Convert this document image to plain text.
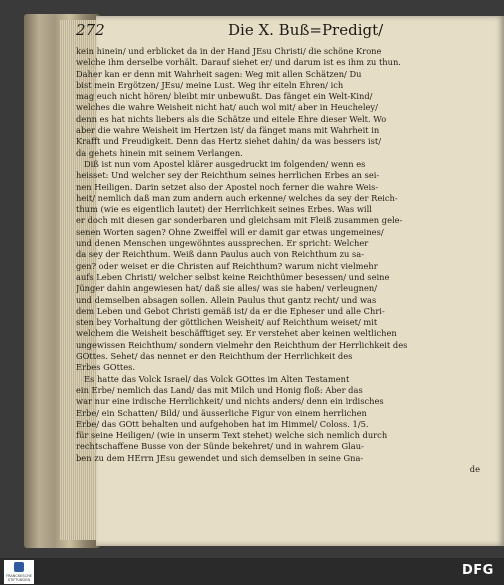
272	Die X. Buß=Predigt/
kein hinein/ und erblicket da in der Hand JEsu Christi/ die schöne Krone
welche ihm derselbe vorhält. Darauf siehet er/ und darum ist es ihm zu thun.
Daher kan er denn mit Wahrheit sagen: Weg mit allen Schätzen/ Du
bist mein Ergötzen/ JEsu/ meine Lust. Weg ihr eiteln Ehren/ ich
mag euch nicht hören/ bleibt mir unbewußt. Das fänget ein Welt-Kind/
welches die wahre Weisheit nicht hat/ auch wol mit/ aber in Heucheley/
denn es hat nichts liebers als die Schätze und eitele Ehre dieser Welt. Wo
aber die wahre Weisheit im Hertzen ist/ da fänget mans mit Wahrheit in
Krafft und Freudigkeit. Denn das Hertz siehet dahin/ da was bessers ist/
da gehets hinein mit seinem Verlangen.
Diß ist nun vom Apostel klärer ausgedruckt im folgenden/ wenn es
heisset: Und welcher sey der Reichthum seines herrlichen Erbes an sei-
nen Heiligen. Darin setzet also der Apostel noch ferner die wahre Weis-
heit/ nemlich daß man zum andern auch erkenne/ welches da sey der Reich-
thum (wie es eigentlich lautet) der Herrlichkeit seines Erbes. Was will
er doch mit diesen gar sonderbaren und gleichsam mit Fleiß zusammen gele-
senen Worten sagen? Ohne Zweiffel will er damit gar etwas ungemeines/
und denen Menschen ungewöhntes aussprechen. Er spricht: Welcher
da sey der Reichthum. Weiß dann Paulus auch von Reichthum zu sa-
gen? oder weiset er die Christen auf Reichthum? warum nicht vielmehr
aufs Leben Christi/ welcher selbst keine Reichthümer besessen/ und seine
Jünger dahin angewiesen hat/ daß sie alles/ was sie haben/ verleugnen/
und demselben absagen sollen. Allein Paulus thut gantz recht/ und was
dem Leben und Gebot Christi gemäß ist/ da er die Epheser und alle Chri-
sten bey Vorhaltung der göttlichen Weisheit/ auf Reichthum weiset/ mit
welchem die Weisheit beschäfftiget sey. Er verstehet aber keinen weltlichen
ungewissen Reichthum/ sondern vielmehr den Reichthum der Herrlichkeit des
GOttes. Sehet/ das nennet er den Reichthum der Herrlichkeit des
Erbes GOttes.
Es hatte das Volck Israel/ das Volck GOttes im Alten Testament
ein Erbe/ nemlich das Land/ das mit Milch und Honig floß: Aber das
war nur eine irdische Herrlichkeit/ und nichts anders/ denn ein irdisches
Erbe/ ein Schatten/ Bild/ und äusserliche Figur von einem herrlichen
Erbe/ das GOtt behalten und aufgehoben hat im Himmel/ Coloss. 1/5.
für seine Heiligen/ (wie in unserm Text stehet) welche sich nemlich durch
rechtschaffene Busse von der Sünde bekehret/ und in wahrem Glau-
ben zu dem HErrn JEsu gewendet und sich demselben in seine Gna-
de
FRANCKESCHE STIFTUNGEN
DFG
